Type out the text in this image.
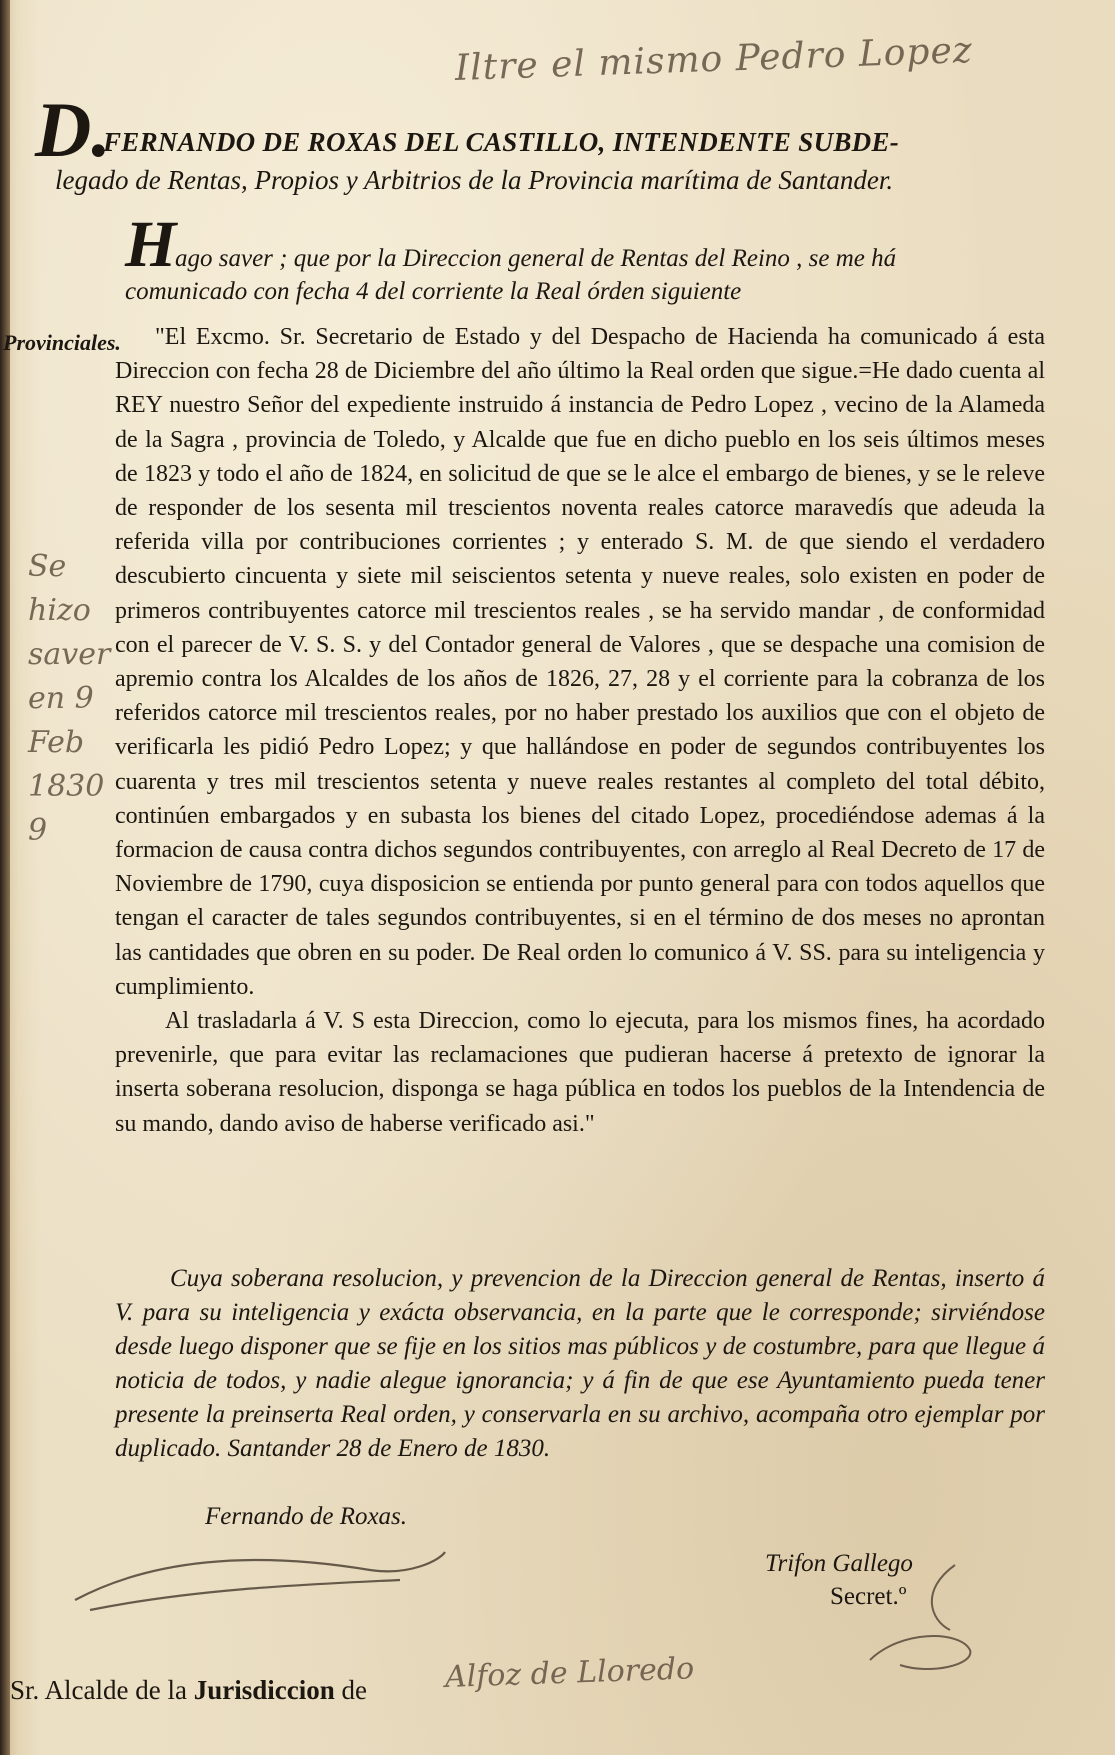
Iltre el mismo Pedro Lopez
D.
FERNANDO DE ROXAS DEL CASTILLO, INTENDENTE SUBDE-
legado de Rentas, Propios y Arbitrios de la Provincia marítima de Santander.
H
ago saver ; que por la Direccion general de Rentas del Reino , se me há
comunicado con fecha 4 del corriente la Real órden siguiente
Provinciales.
Se hizo
saver
en 9
Feb 1830
9

"El Excmo. Sr. Secretario de Estado y del Despacho de Hacienda ha comunicado á esta Direccion con fecha 28 de Diciembre del año último la Real orden que sigue.=He dado cuenta al REY nuestro Señor del expediente instruido á instancia de Pedro Lopez , vecino de la Alameda de la Sagra , provincia de Toledo, y Alcalde que fue en dicho pueblo en los seis últimos meses de 1823 y todo el año de 1824, en solicitud de que se le alce el embargo de bienes, y se le releve de responder de los sesenta mil trescientos noventa reales catorce maravedís que adeuda la referida villa por contribuciones corrientes ; y enterado S. M. de que siendo el verdadero descubierto cincuenta y siete mil seiscientos setenta y nueve reales, solo existen en poder de primeros contribuyentes catorce mil trescientos reales , se ha servido mandar , de conformidad con el parecer de V. S. S. y del Contador general de Valores , que se despache una comision de apremio contra los Alcaldes de los años de 1826, 27, 28 y el corriente para la cobranza de los referidos catorce mil trescientos reales, por no haber prestado los auxilios que con el objeto de verificarla les pidió Pedro Lopez; y que hallándose en poder de segundos contribuyentes los cuarenta y tres mil trescientos setenta y nueve reales restantes al completo del total débito, continúen embargados y en subasta los bienes del citado Lopez, procediéndose ademas á la formacion de causa contra dichos segundos contribuyentes, con arreglo al Real Decreto de 17 de Noviembre de 1790, cuya disposicion se entienda por punto general para con todos aquellos que tengan el caracter de tales segundos contribuyentes, si en el término de dos meses no aprontan las cantidades que obren en su poder. De Real orden lo comunico á V. SS. para su inteligencia y cumplimiento.

Al trasladarla á V. S esta Direccion, como lo ejecuta, para los mismos fines, ha acordado prevenirle, que para evitar las reclamaciones que pudieran hacerse á pretexto de ignorar la inserta soberana resolucion, disponga se haga pública en todos los pueblos de la Intendencia de su mando, dando aviso de haberse verificado asi."

Cuya soberana resolucion, y prevencion de la Direccion general de Rentas, inserto á V. para su inteligencia y exácta observancia, en la parte que le corresponde; sirviéndose desde luego disponer que se fije en los sitios mas públicos y de costumbre, para que llegue á noticia de todos, y nadie alegue ignorancia; y á fin de que ese Ayuntamiento pueda tener presente la preinserta Real orden, y conservarla en su archivo, acompaña otro ejemplar por duplicado. Santander 28 de Enero de 1830.

Fernando de Roxas.
Trifon Gallego
Secret.º
Sr. Alcalde de la Jurisdiccion de	Alfoz de Lloredo
